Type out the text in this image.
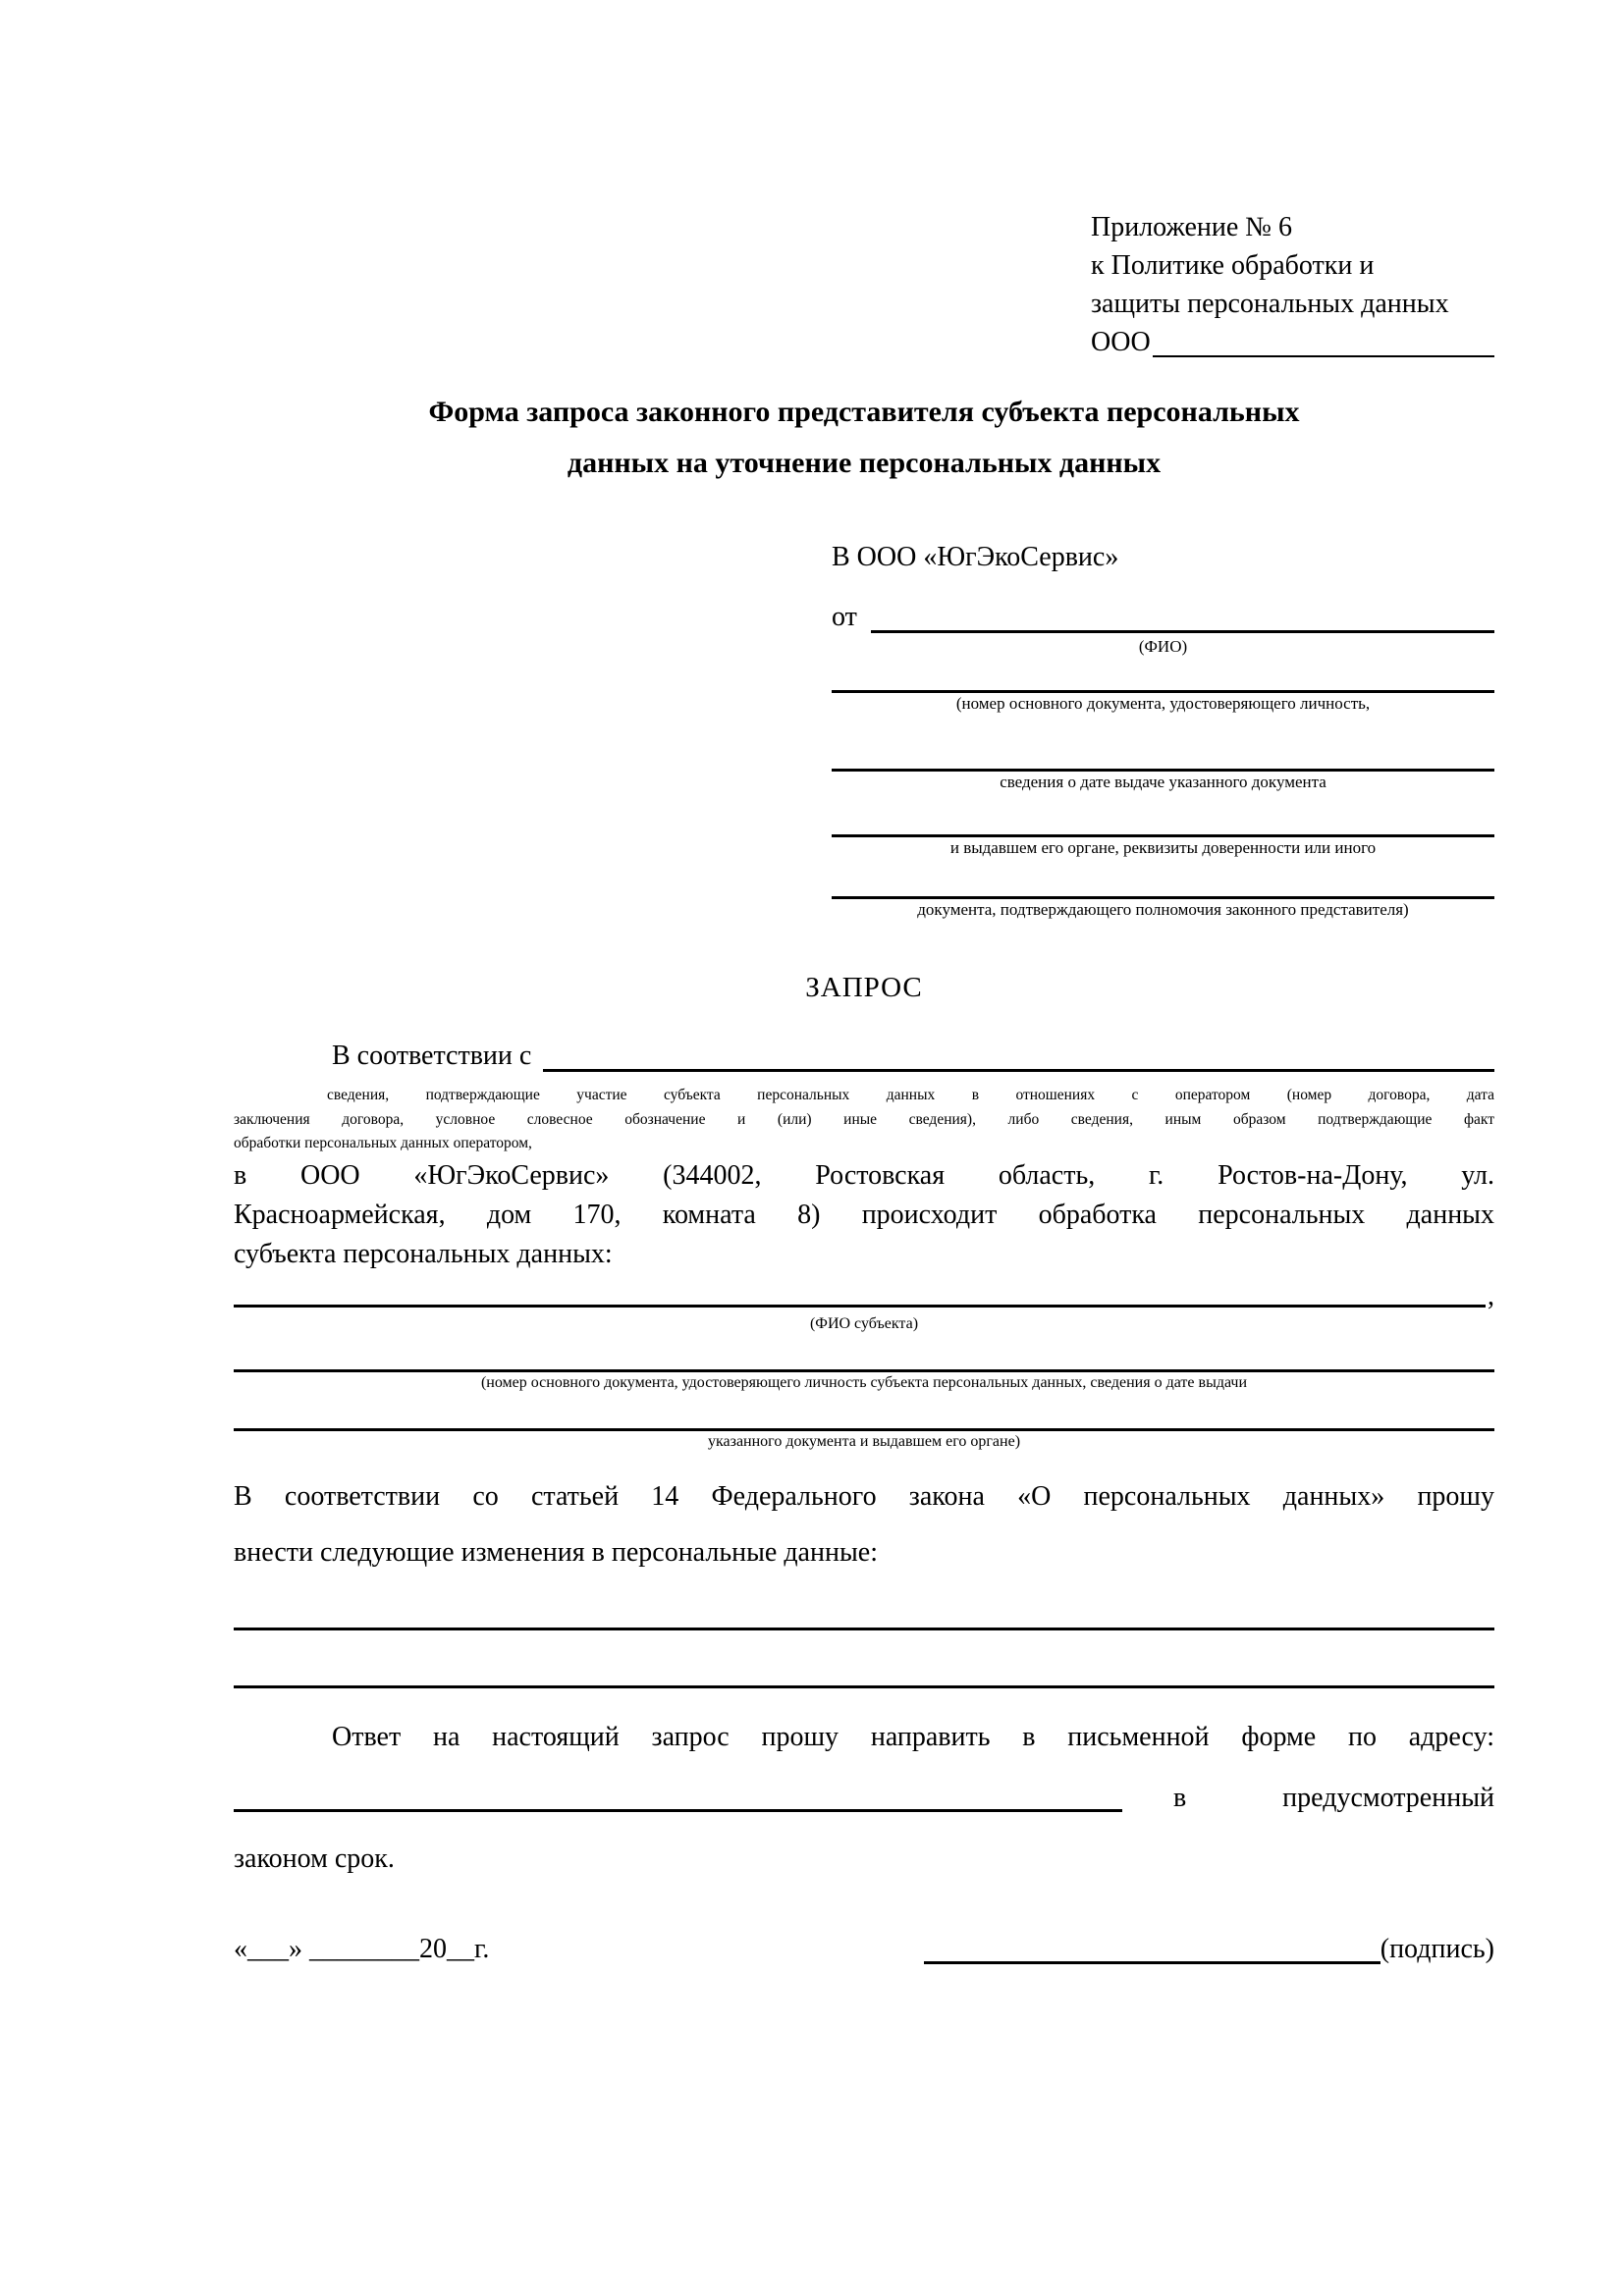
Приложение № 6
к Политике обработки и
защиты персональных данных
ООО
Форма запроса законного представителя субъекта персональных
данных на уточнение персональных данных
В ООО «ЮгЭкоСервис»
от
(ФИО)
(номер основного документа, удостоверяющего личность,
сведения о дате выдаче указанного документа
и выдавшем его органе, реквизиты доверенности или иного
документа, подтверждающего полномочия законного представителя)
ЗАПРОС
В соответствии с
сведения, подтверждающие участие субъекта персональных данных в отношениях с оператором (номер договора, дата
заключения договора, условное словесное обозначение и (или) иные сведения), либо сведения, иным образом подтверждающие факт
обработки персональных данных оператором,
в ООО «ЮгЭкоСервис» (344002, Ростовская область, г. Ростов-на-Дону, ул.
Красноармейская, дом 170, комната 8) происходит обработка персональных данных
субъекта персональных данных:
,
(ФИО субъекта)
(номер основного документа, удостоверяющего личность субъекта персональных данных, сведения о дате выдачи
указанного документа и выдавшем его органе)
В соответствии со статьей 14 Федерального закона «О персональных данных» прошу
внести следующие изменения в персональные данные:
Ответ на настоящий запрос прошу направить в письменной форме по адресу:
в	предусмотренный
законом срок.
«___» ________20__г.	(подпись)
